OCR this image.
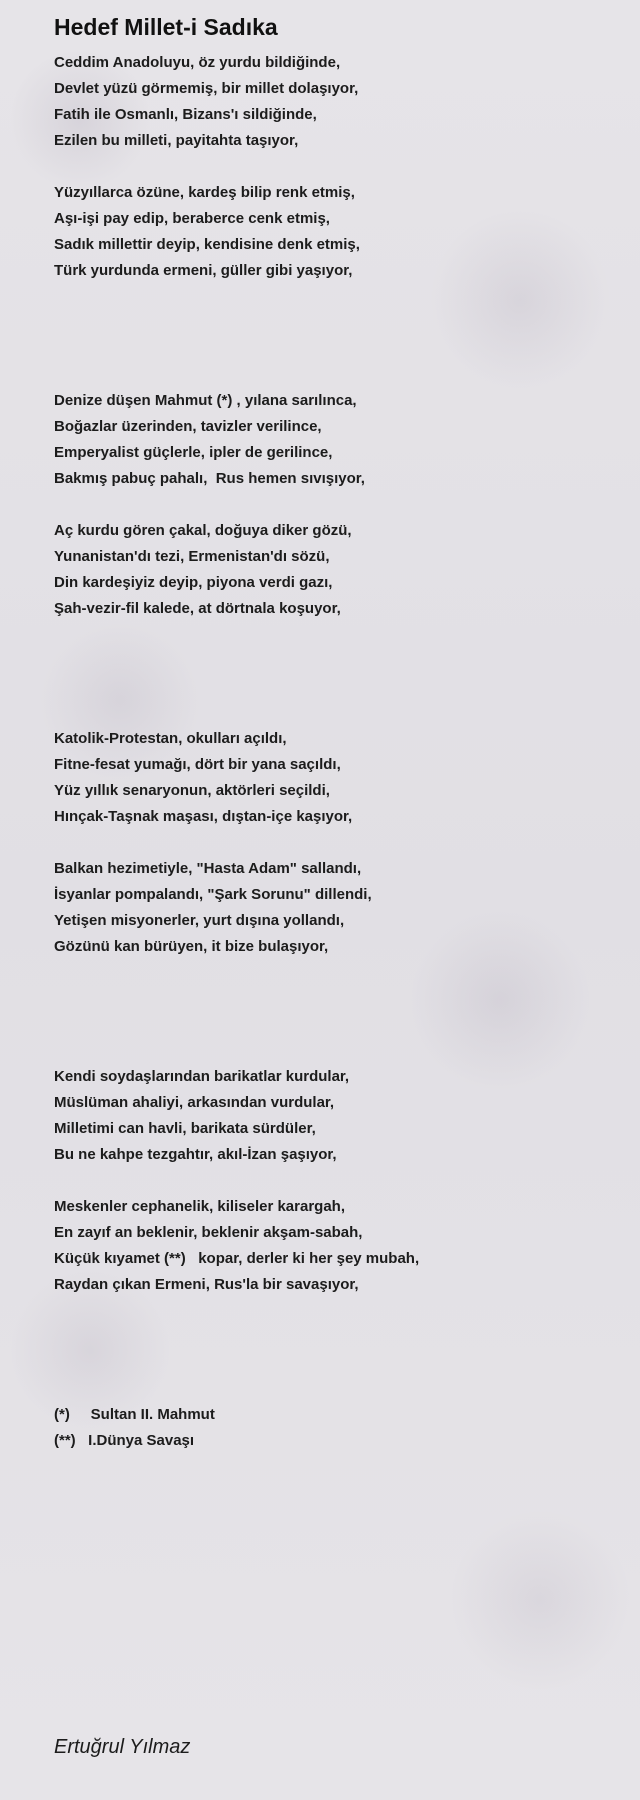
Hedef Millet-i Sadıka
Ceddim Anadoluyu, öz yurdu bildiğinde,
Devlet yüzü görmemiş, bir millet dolaşıyor,
Fatih ile Osmanlı, Bizans'ı sildiğinde,
Ezilen bu milleti, payitahta taşıyor,
Yüzyıllarca özüne, kardeş bilip renk etmiş,
Aşı-işi pay edip, beraberce cenk etmiş,
Sadık millettir deyip, kendisine denk etmiş,
Türk yurdunda ermeni, güller gibi yaşıyor,
Denize düşen Mahmut (*) , yılana sarılınca,
Boğazlar üzerinden, tavizler verilince,
Emperyalist güçlerle, ipler de gerilince,
Bakmış pabuç pahalı,  Rus hemen sıvışıyor,
Aç kurdu gören çakal, doğuya diker gözü,
Yunanistan'dı tezi, Ermenistan'dı sözü,
Din kardeşiyiz deyip, piyona verdi gazı,
Şah-vezir-fil kalede, at dörtnala koşuyor,
Katolik-Protestan, okulları açıldı,
Fitne-fesat yumağı, dört bir yana saçıldı,
Yüz yıllık senaryonun, aktörleri seçildi,
Hınçak-Taşnak maşası, dıştan-içe kaşıyor,
Balkan hezimetiyle, "Hasta Adam" sallandı,
İsyanlar pompalandı, "Şark Sorunu" dillendi,
Yetişen misyonerler, yurt dışına yollandı,
Gözünü kan bürüyen, it bize bulaşıyor,
Kendi soydaşlarından barikatlar kurdular,
Müslüman ahaliyi, arkasından vurdular,
Milletimi can havli, barikata sürdüler,
Bu ne kahpe tezgahtır, akıl-İzan şaşıyor,
Meskenler cephanelik, kiliseler karargah,
En zayıf an beklenir, beklenir akşam-sabah,
Küçük kıyamet (**)   kopar, derler ki her şey mubah,
Raydan çıkan Ermeni, Rus'la bir savaşıyor,
(*)     Sultan II. Mahmut
(**)   I.Dünya Savaşı
Ertuğrul Yılmaz
